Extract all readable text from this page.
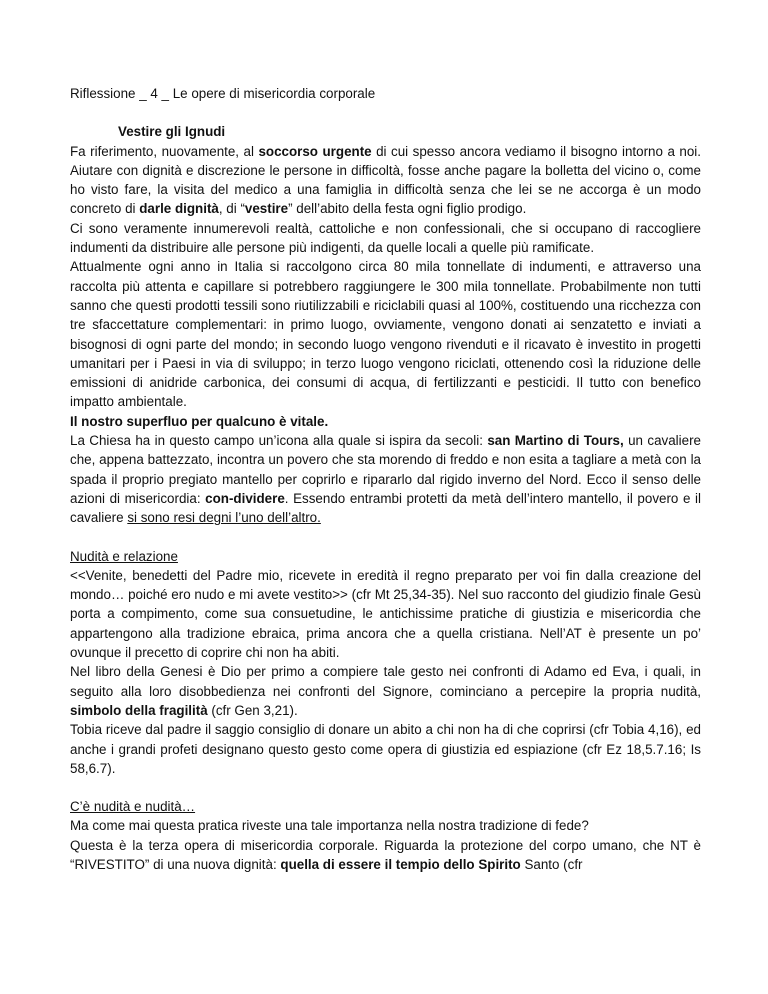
Riflessione _ 4 _ Le opere di misericordia corporale

Vestire gli Ignudi

Fa riferimento, nuovamente, al soccorso urgente di cui spesso ancora vediamo il bisogno intorno a noi. Aiutare con dignità e discrezione le persone in difficoltà, fosse anche pagare la bolletta del vicino o, come ho visto fare, la visita del medico a una famiglia in difficoltà senza che lei se ne accorga è un modo concreto di darle dignità, di “vestire” dell’abito della festa ogni figlio prodigo.

Ci sono veramente innumerevoli realtà, cattoliche e non confessionali, che si occupano di raccogliere indumenti da distribuire alle persone più indigenti, da quelle locali a quelle più ramificate.

Attualmente ogni anno in Italia si raccolgono circa 80 mila tonnellate di indumenti, e attraverso una raccolta più attenta e capillare si potrebbero raggiungere le 300 mila tonnellate. Probabilmente non tutti sanno che questi prodotti tessili sono riutilizzabili e riciclabili quasi al 100%, costituendo una ricchezza con tre sfaccettature complementari: in primo luogo, ovviamente, vengono donati ai senzatetto e inviati a bisognosi di ogni parte del mondo; in secondo luogo vengono rivenduti e il ricavato è investito in progetti umanitari per i Paesi in via di sviluppo; in terzo luogo vengono riciclati, ottenendo così la riduzione delle emissioni di anidride carbonica, dei consumi di acqua, di fertilizzanti e pesticidi. Il tutto con benefico impatto ambientale.

Il nostro superfluo per qualcuno è vitale.

La Chiesa ha in questo campo un’icona alla quale si ispira da secoli: san Martino di Tours, un cavaliere che, appena battezzato, incontra un povero che sta morendo di freddo e non esita a tagliare a metà con la spada il proprio pregiato mantello per coprirlo e ripararlo dal rigido inverno del Nord. Ecco il senso delle azioni di misericordia: con-dividere. Essendo entrambi protetti da metà dell’intero mantello, il povero e il cavaliere si sono resi degni l’uno dell’altro.

Nudità e relazione

<<Venite, benedetti del Padre mio, ricevete in eredità il regno preparato per voi fin dalla creazione del mondo… poiché ero nudo e mi avete vestito>> (cfr Mt 25,34-35). Nel suo racconto del giudizio finale Gesù porta a compimento, come sua consuetudine, le antichissime pratiche di giustizia e misericordia che appartengono alla tradizione ebraica, prima ancora che a quella cristiana. Nell’AT è presente un po’ ovunque il precetto di coprire chi non ha abiti.

Nel libro della Genesi è Dio per primo a compiere tale gesto nei confronti di Adamo ed Eva, i quali, in seguito alla loro disobbedienza nei confronti del Signore, cominciano a percepire la propria nudità, simbolo della fragilità (cfr Gen 3,21).

Tobia riceve dal padre il saggio consiglio di donare un abito a chi non ha di che coprirsi (cfr Tobia 4,16), ed anche i grandi profeti designano questo gesto come opera di giustizia ed espiazione (cfr Ez 18,5.7.16; Is 58,6.7).

C’è nudità e nudità…

Ma come mai questa pratica riveste una tale importanza nella nostra tradizione di fede?

Questa è la terza opera di misericordia corporale. Riguarda la protezione del corpo umano, che NT è “RIVESTITO” di una nuova dignità: quella di essere il tempio dello Spirito Santo (cfr
